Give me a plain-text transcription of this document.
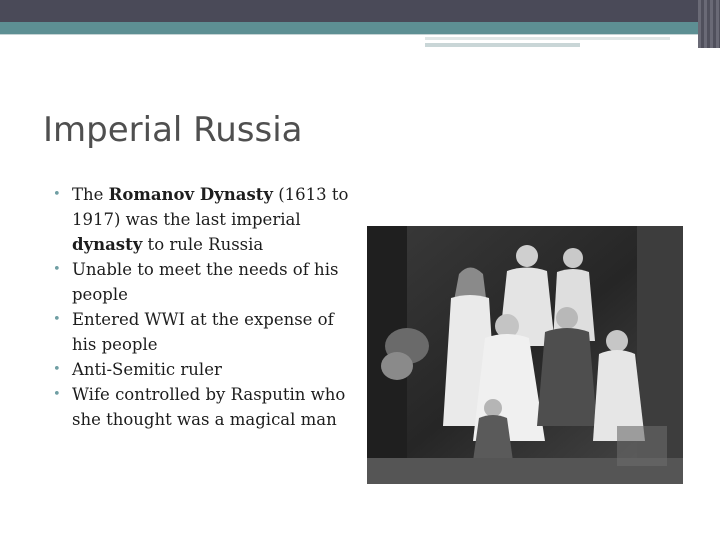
Imperial Russia
• The Romanov Dynasty (1613 to 1917) was the last imperial dynasty to rule Russia
• Unable to meet the needs of his people
• Entered WWI at the expense of his people
• Anti-Semitic ruler
• Wife controlled by Rasputin who she thought was a magical man
